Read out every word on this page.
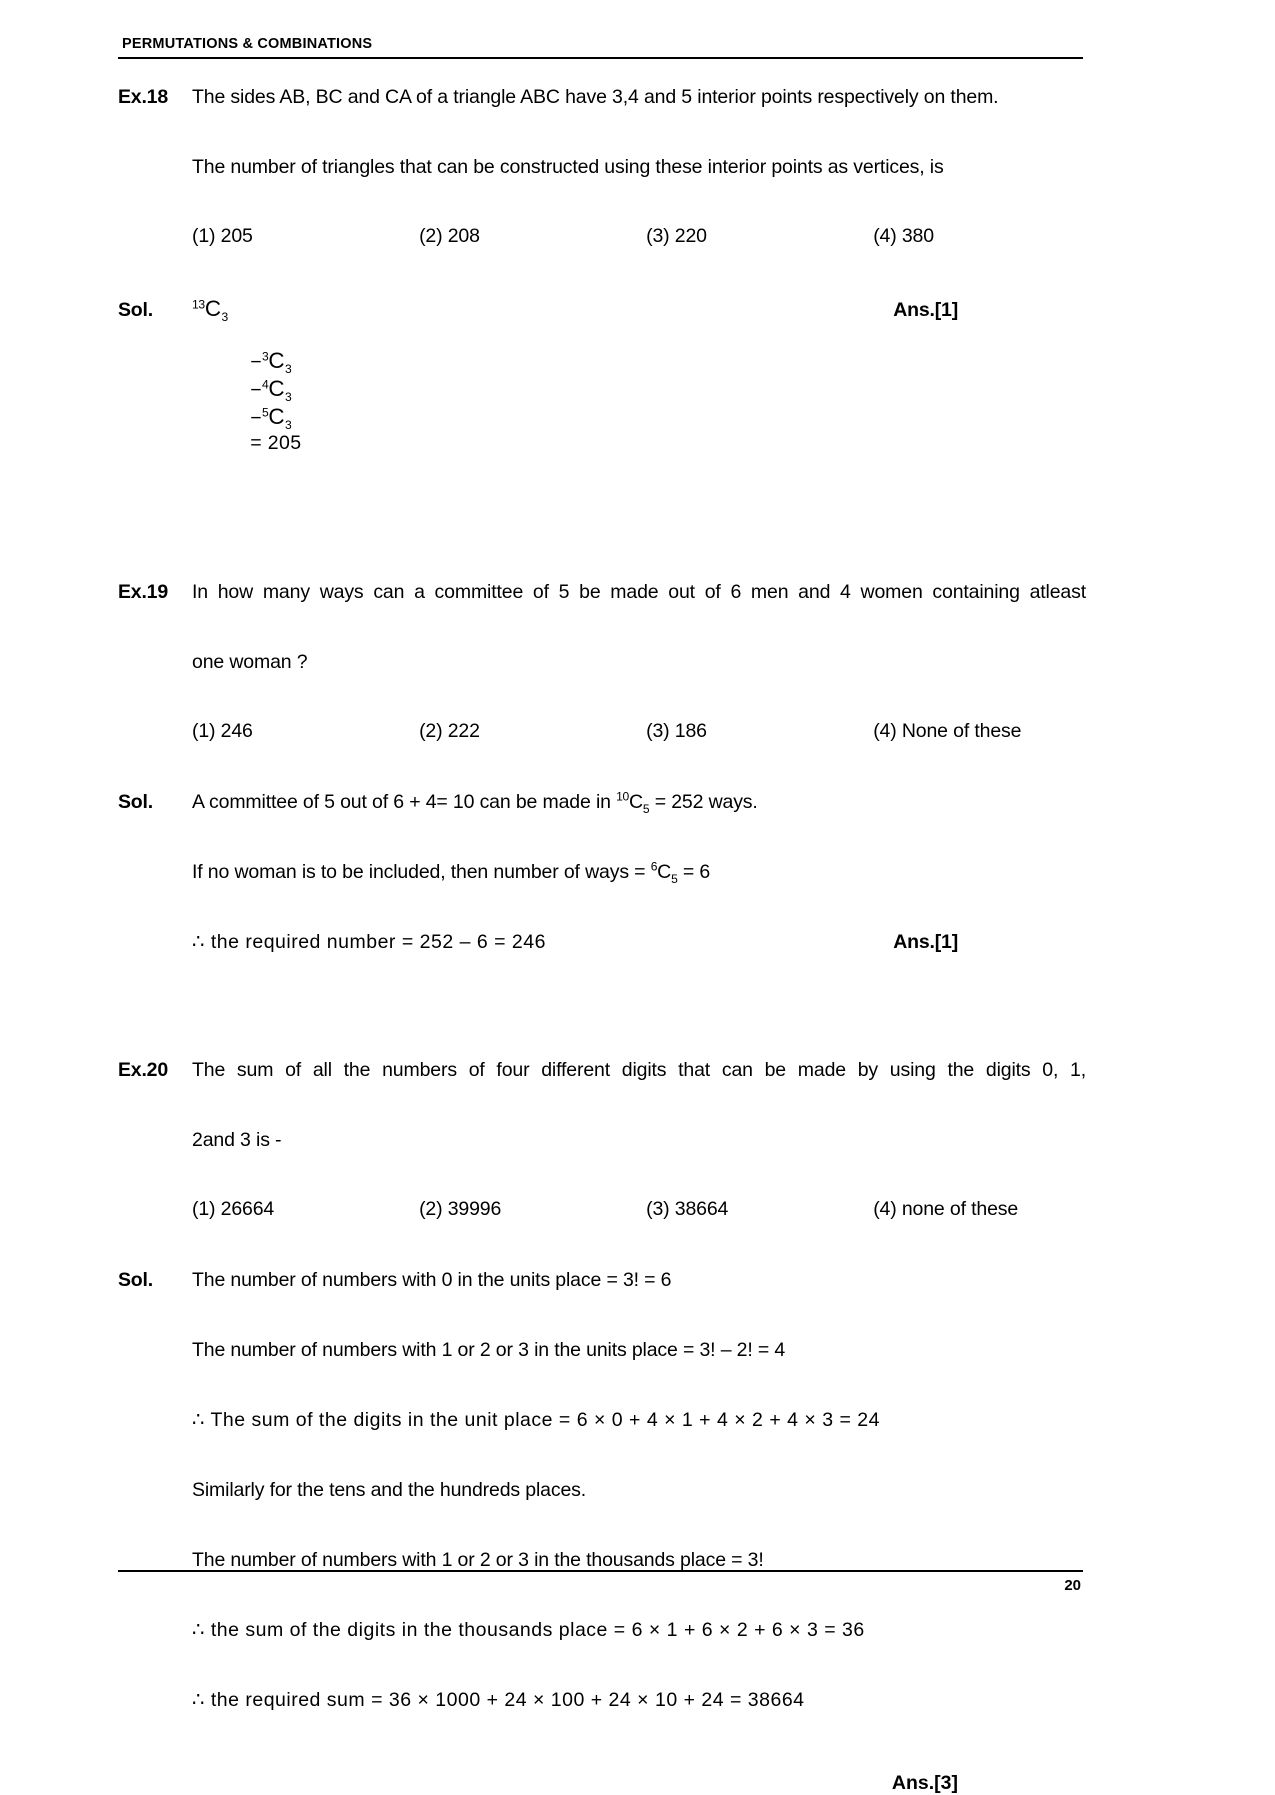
PERMUTATIONS & COMBINATIONS
Ex.18	The sides AB, BC and CA of a triangle ABC have 3,4 and 5 interior points respectively on them.
The number of triangles that can be constructed using these interior points as vertices, is
(1) 205	(2) 208	(3) 220	(4) 380
Sol.	$^{13}C_3$

$-^3C_3$
$-^4C_3$
$-^5C_3$
= 205

Ans.[1]
Ex.19	In how many ways can a committee of 5 be made out of 6 men and 4 women containing atleast
one woman ?
(1) 246	(2) 222	(3) 186	(4) None of these
Sol.	A committee of 5 out of 6 + 4= 10 can be made in $^{10}C_5 = 252$ ways.
If no woman is to be included, then number of ways = $^6C_5 = 6$
∴ the required number = 252 – 6 = 246	Ans.[1]
Ex.20	The sum of all the numbers of four different digits that can be made by using the digits 0, 1,
2and 3 is -
(1) 26664	(2) 39996	(3) 38664	(4) none of these
Sol.	The number of numbers with 0 in the units place = 3! = 6
The number of numbers with 1 or 2 or 3 in the units place = 3! – 2! = 4
∴ The sum of the digits in the unit place = 6 × 0 + 4 × 1 + 4 × 2 + 4 × 3 = 24
Similarly for the tens and the hundreds places.
The number of numbers with 1 or 2 or 3 in the thousands place = 3!
∴ the sum of the digits in the thousands place = 6 × 1 + 6 × 2 + 6 × 3 = 36
∴ the required sum = 36 × 1000 + 24 × 100 + 24 × 10 + 24 = 38664
Ans.[3]
20
